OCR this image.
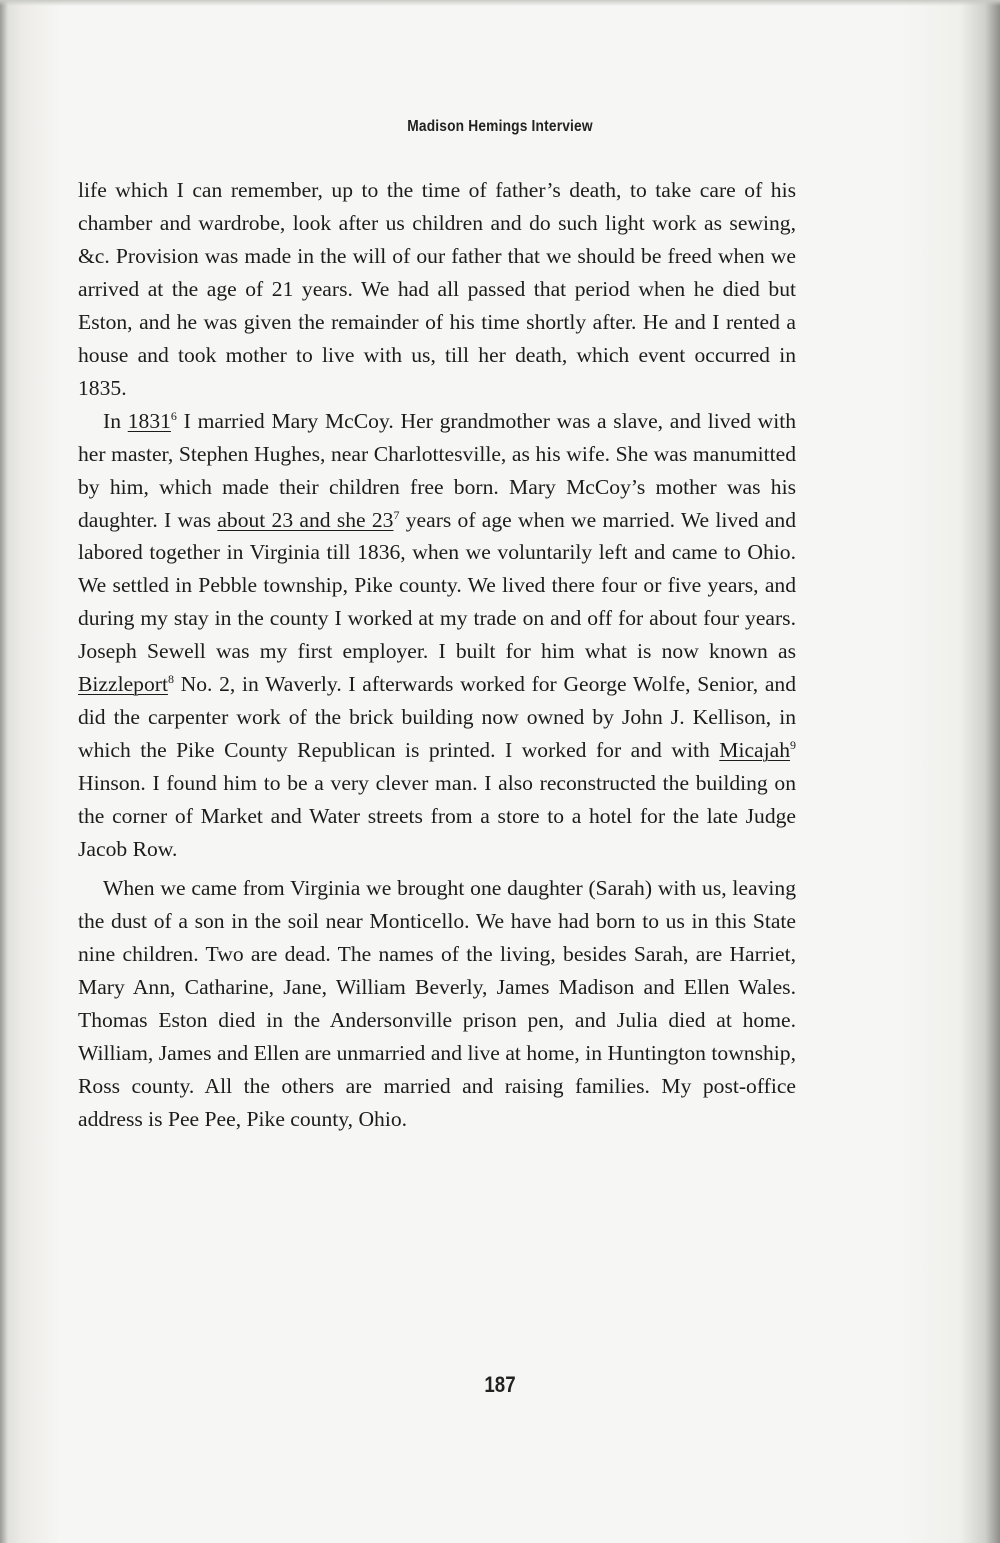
Madison Hemings Interview

life which I can remember, up to the time of father’s death, to take care of his chamber and wardrobe, look after us children and do such light work as sewing, &c. Provision was made in the will of our father that we should be freed when we arrived at the age of 21 years. We had all passed that period when he died but Eston, and he was given the remainder of his time shortly after. He and I rented a house and took mother to live with us, till her death, which event occurred in 1835.

In 1831$^6$ I married Mary McCoy. Her grandmother was a slave, and lived with her master, Stephen Hughes, near Charlottesville, as his wife. She was manumitted by him, which made their children free born. Mary McCoy’s mother was his daughter. I was about 23 and she $23^7$ years of age when we married. We lived and labored together in Virginia till 1836, when we voluntarily left and came to Ohio. We settled in Pebble township, Pike county. We lived there four or five years, and during my stay in the county I worked at my trade on and off for about four years. Joseph Sewell was my first employer. I built for him what is now known as Bizzleport$^8$ No. 2, in Waverly. I afterwards worked for George Wolfe, Senior, and did the carpenter work of the brick building now owned by John J. Kellison, in which the Pike County Republican is printed. I worked for and with Micajah$^9$ Hinson. I found him to be a very clever man. I also reconstructed the building on the corner of Market and Water streets from a store to a hotel for the late Judge Jacob Row.

When we came from Virginia we brought one daughter (Sarah) with us, leaving the dust of a son in the soil near Monticello. We have had born to us in this State nine children. Two are dead. The names of the living, besides Sarah, are Harriet, Mary Ann, Catharine, Jane, William Beverly, James Madison and Ellen Wales. Thomas Eston died in the Andersonville prison pen, and Julia died at home. William, James and Ellen are unmarried and live at home, in Huntington township, Ross county. All the others are married and raising families. My post-office address is Pee Pee, Pike county, Ohio.

187
